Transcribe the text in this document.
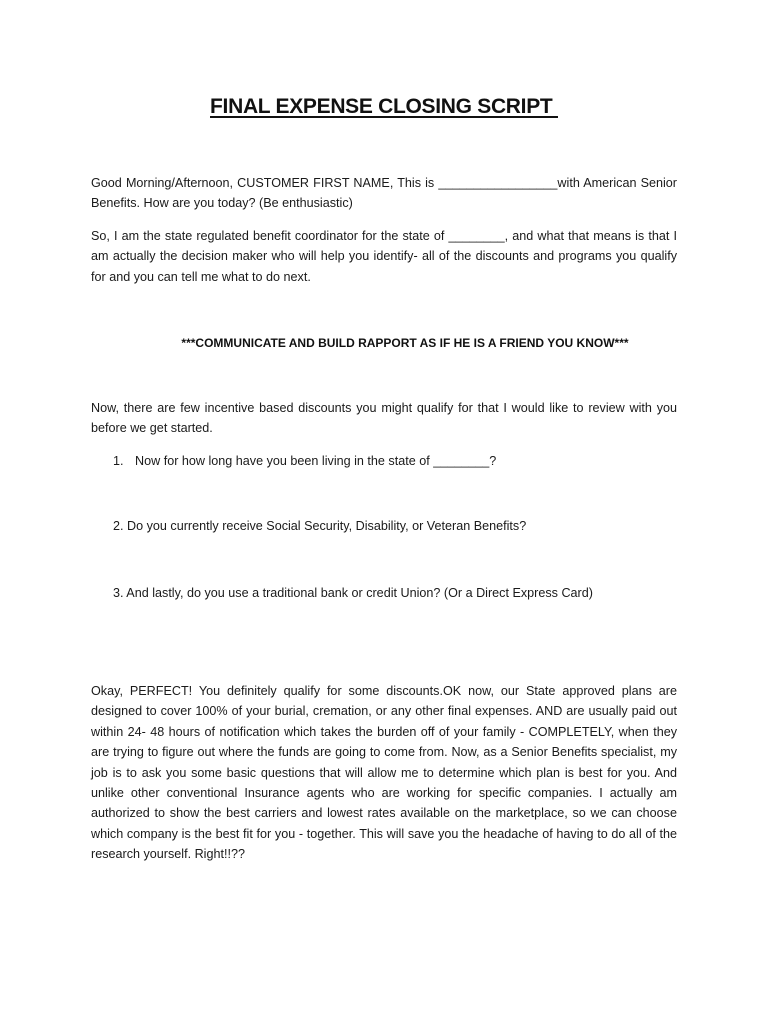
FINAL EXPENSE CLOSING SCRIPT

Good Morning/Afternoon, CUSTOMER FIRST NAME, This is _________________with American Senior Benefits. How are you today? (Be enthusiastic)

So, I am the state regulated benefit coordinator for the state of ________, and what that means is that I am actually the decision maker who will help you identify- all of the discounts and programs you qualify for and you can tell me what to do next.

***COMMUNICATE AND BUILD RAPPORT AS IF HE IS A FRIEND YOU KNOW***

Now, there are few incentive based discounts you might qualify for that I would like to review with you before we get started.

1. Now for how long have you been living in the state of ________?
2. Do you currently receive Social Security, Disability, or Veteran Benefits?
3. And lastly, do you use a traditional bank or credit Union? (Or a Direct Express Card)

Okay, PERFECT! You definitely qualify for some discounts.OK now, our State approved plans are designed to cover 100% of your burial, cremation, or any other final expenses. AND are usually paid out within 24- 48 hours of notification which takes the burden off of your family - COMPLETELY, when they are trying to figure out where the funds are going to come from. Now, as a Senior Benefits specialist, my job is to ask you some basic questions that will allow me to determine which plan is best for you. And unlike other conventional Insurance agents who are working for specific companies. I actually am authorized to show the best carriers and lowest rates available on the marketplace, so we can choose which company is the best fit for you - together. This will save you the headache of having to do all of the research yourself. Right!!??
